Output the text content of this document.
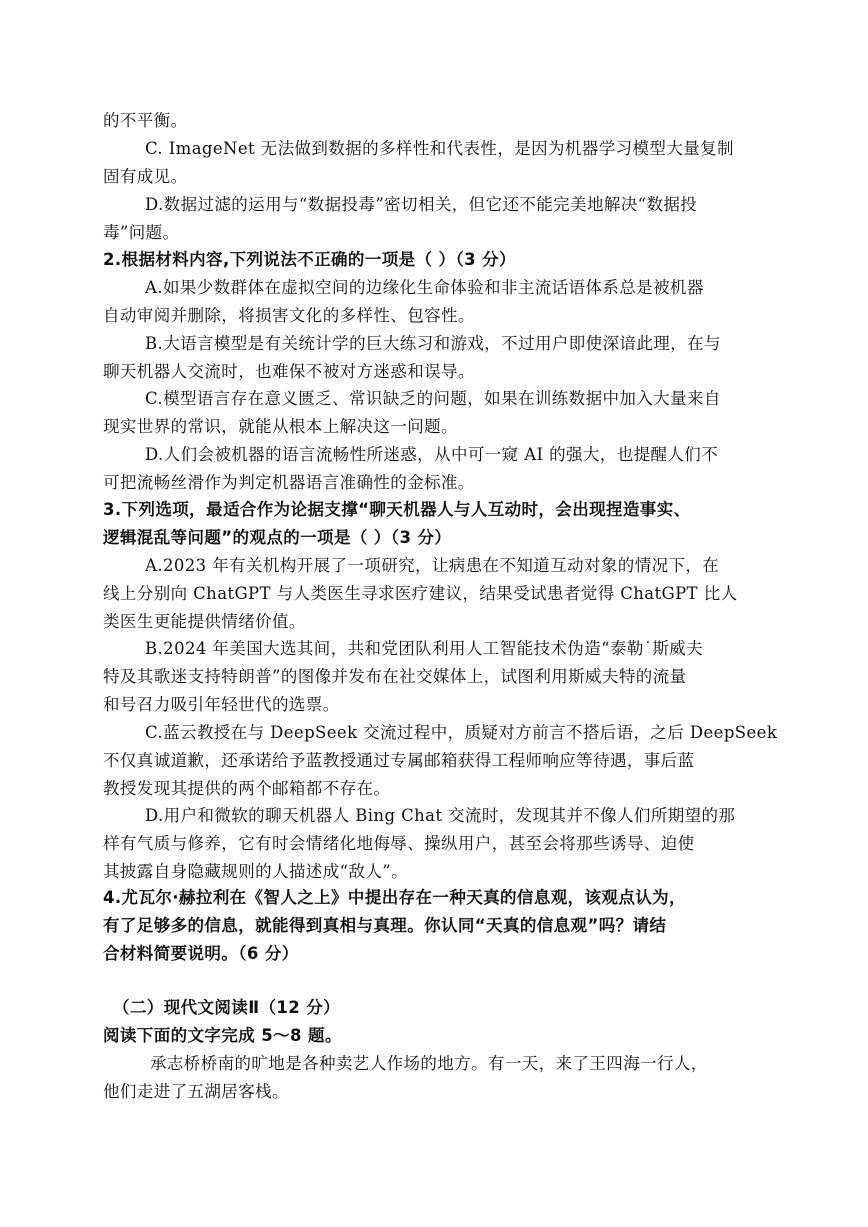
的不平衡。
C. ImageNet 无法做到数据的多样性和代表性，是因为机器学习模型大量复制
固有成见。
D.数据过滤的运用与“数据投毒”密切相关，但它还不能完美地解决“数据投
毒”问题。
2.根据材料内容,下列说法不正确的一项是（ ）（3 分）
A.如果少数群体在虚拟空间的边缘化生命体验和非主流话语体系总是被机器
自动审阅并删除，将损害文化的多样性、包容性。
B.大语言模型是有关统计学的巨大练习和游戏，不过用户即使深谙此理，在与
聊天机器人交流时，也难保不被对方迷惑和误导。
C.模型语言存在意义匮乏、常识缺乏的问题，如果在训练数据中加入大量来自
现实世界的常识，就能从根本上解决这一问题。
D.人们会被机器的语言流畅性所迷惑，从中可一窥 AI 的强大，也提醒人们不
可把流畅丝滑作为判定机器语言准确性的金标准。
3.下列选项，最适合作为论据支撑“聊天机器人与人互动时，会出现捏造事实、
逻辑混乱等问题”的观点的一项是（ ）（3 分）
A.2023 年有关机构开展了一项研究，让病患在不知道互动对象的情况下，在
线上分别向 ChatGPT 与人类医生寻求医疗建议，结果受试患者觉得 ChatGPT 比人
类医生更能提供情绪价值。
B.2024 年美国大选其间，共和党团队利用人工智能技术伪造“泰勒˙斯威夫
特及其歌迷支持特朗普”的图像并发布在社交媒体上，试图利用斯威夫特的流量
和号召力吸引年轻世代的选票。
C.蓝云教授在与 DeepSeek 交流过程中，质疑对方前言不搭后语，之后 DeepSeek
不仅真诚道歉，还承诺给予蓝教授通过专属邮箱获得工程师响应等待遇，事后蓝
教授发现其提供的两个邮箱都不存在。
D.用户和微软的聊天机器人 Bing Chat 交流时，发现其并不像人们所期望的那
样有气质与修养，它有时会情绪化地侮辱、操纵用户，甚至会将那些诱导、迫使
其披露自身隐藏规则的人描述成“敌人”。
4.尤瓦尔·赫拉利在《智人之上》中提出存在一种天真的信息观，该观点认为，
有了足够多的信息，就能得到真相与真理。你认同“天真的信息观”吗？请结
合材料简要说明。（6 分）
（二）现代文阅读Ⅱ（12 分）
阅读下面的文字完成 5～8 题。
承志桥桥南的旷地是各种卖艺人作场的地方。有一天，来了王四海一行人，
他们走进了五湖居客栈。
